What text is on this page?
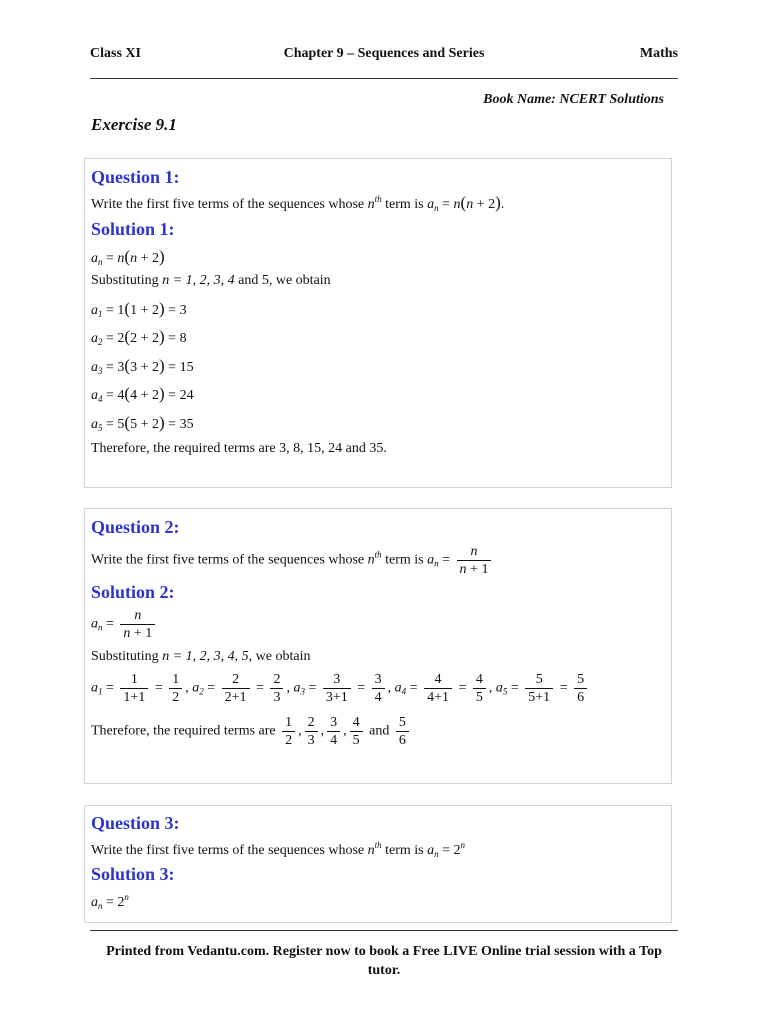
Class XI	Chapter 9 – Sequences and Series	Maths
Book Name: NCERT Solutions
Exercise 9.1
Question 1:
Write the first five terms of the sequences whose $n^{th}$ term is $a_n = n(n + 2)$.
Solution 1:
$a_n = n(n + 2)$
Substituting n = 1, 2, 3, 4 and 5, we obtain
$a_1 = 1(1 + 2) = 3$
$a_2 = 2(2 + 2) = 8$
$a_3 = 3(3 + 2) = 15$
$a_4 = 4(4 + 2) = 24$
$a_5 = 5(5 + 2) = 35$
Therefore, the required terms are 3, 8, 15, 24 and 35.
Question 2:
Write the first five terms of the sequences whose $n^{th}$ term is $a_n = \frac{n}{n + 1}$
Solution 2:
$a_n = \frac{n}{n + 1}$
Substituting n = 1, 2, 3, 4, 5, we obtain
$a_1 = \frac{1}{1+1} = \frac{1}{2}$ , $a_2 = \frac{2}{2+1} = \frac{2}{3}$ , $a_3 = \frac{3}{3+1} = \frac{3}{4}$ , $a_4 = \frac{4}{4+1} = \frac{4}{5}$ , $a_5 = \frac{5}{5+1} = \frac{5}{6}$
Therefore, the required terms are $\frac{1}{2}$ , $\frac{2}{3}$ , $\frac{3}{4}$ , $\frac{4}{5}$ and $\frac{5}{6}$
Question 3:
Write the first five terms of the sequences whose $n^{th}$ term is $a_n = 2^n$
Solution 3:
$a_n = 2^n$
Printed from Vedantu.com. Register now to book a Free LIVE Online trial session with a Top tutor.
